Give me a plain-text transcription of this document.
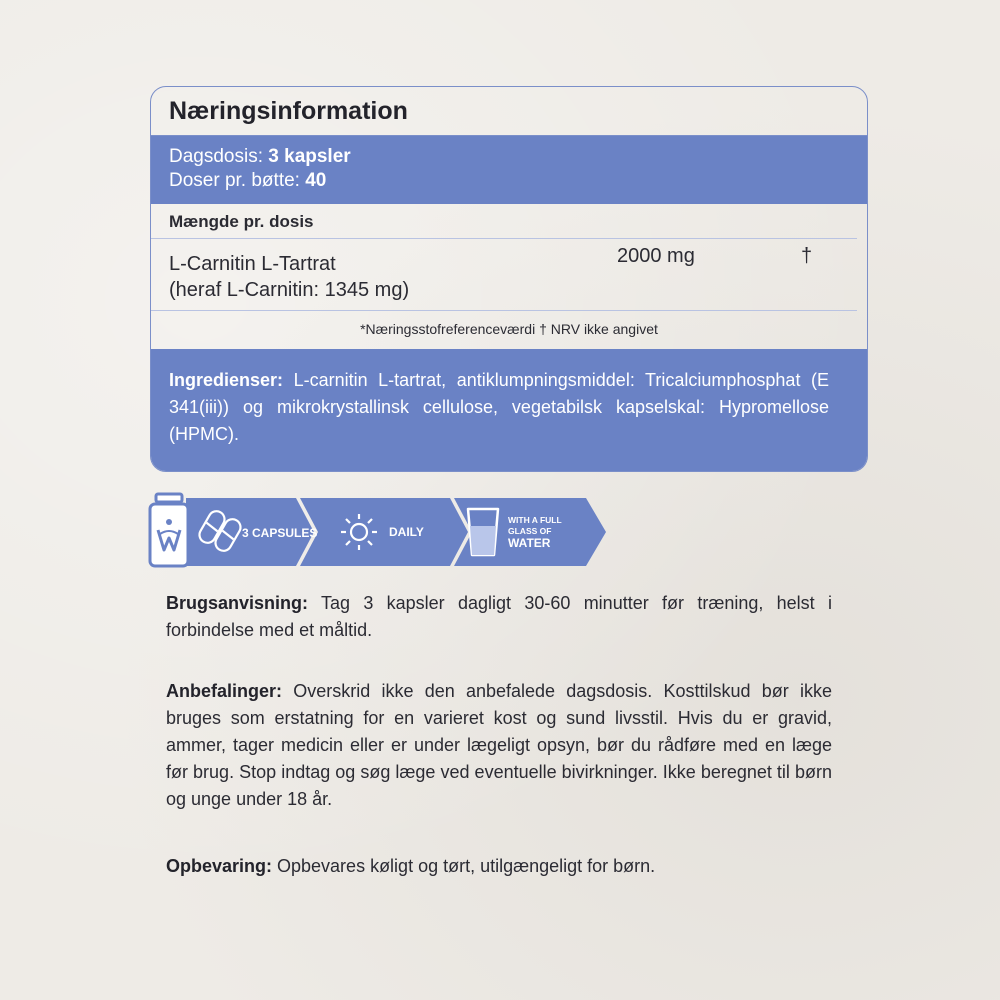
Næringsinformation
Dagsdosis: 3 kapsler
Doser pr. bøtte: 40
Mængde pr. dosis
L-Carnitin L-Tartrat
(heraf L-Carnitin: 1345 mg)
2000 mg	†
*Næringsstofreferenceværdi † NRV ikke angivet
Ingredienser: L-carnitin L-tartrat, antiklumpningsmiddel: Tricalciumphosphat (E 341(iii)) og mikrokrystallinsk cellulose, vegetabilsk kapselskal: Hypromellose (HPMC).
3 CAPSULES	DAILY
WITH A FULL
GLASS OF
WATER
Brugsanvisning: Tag 3 kapsler dagligt 30-60 minutter før træning, helst i forbindelse med et måltid.
Anbefalinger: Overskrid ikke den anbefalede dagsdosis. Kosttilskud bør ikke bruges som erstatning for en varieret kost og sund livsstil. Hvis du er gravid, ammer, tager medicin eller er under lægeligt opsyn, bør du rådføre med en læge før brug. Stop indtag og søg læge ved eventuelle bivirkninger. Ikke beregnet til børn og unge under 18 år.
Opbevaring: Opbevares køligt og tørt, utilgængeligt for børn.
